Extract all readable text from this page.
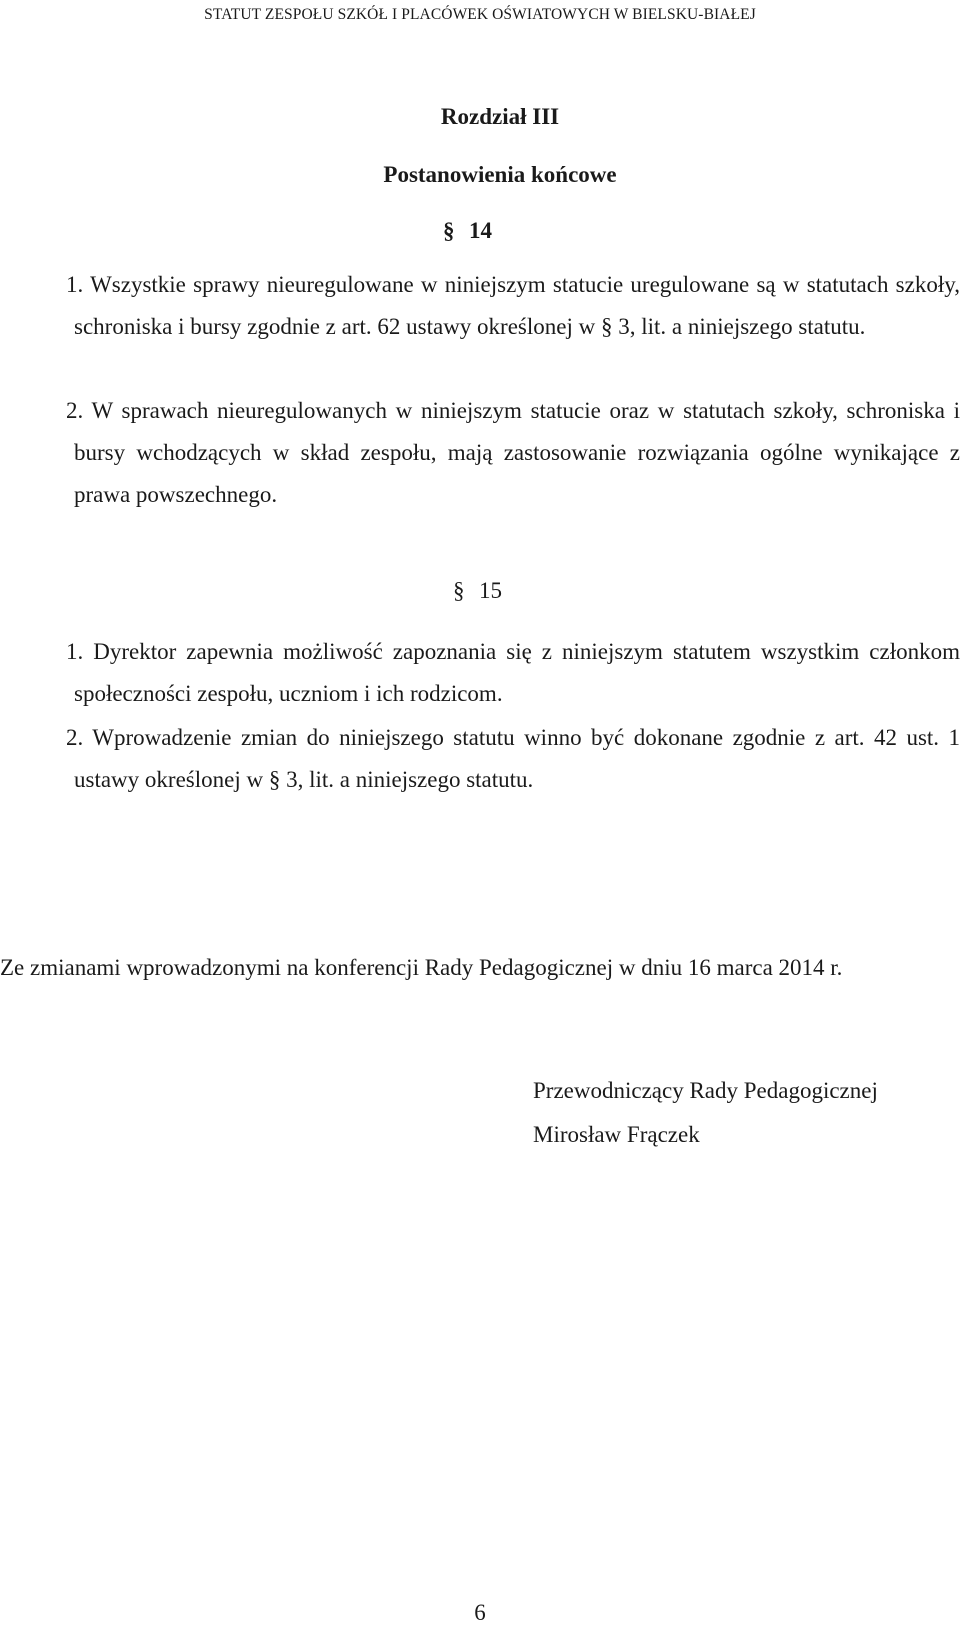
STATUT ZESPOŁU SZKÓŁ I PLACÓWEK OŚWIATOWYCH W BIELSKU-BIAŁEJ
Rozdział III
Postanowienia końcowe
§ 14
1. Wszystkie sprawy nieuregulowane w niniejszym statucie uregulowane są w statutach szkoły, schroniska i bursy zgodnie z art. 62 ustawy określonej w § 3, lit. a niniejszego statutu.
2. W sprawach nieuregulowanych w niniejszym statucie oraz w statutach szkoły, schroniska i bursy wchodzących w skład zespołu, mają zastosowanie rozwiązania ogólne wynikające z prawa powszechnego.
§ 15
1. Dyrektor zapewnia możliwość zapoznania się z niniejszym statutem wszystkim członkom społeczności zespołu, uczniom i ich rodzicom.
2. Wprowadzenie zmian do niniejszego statutu winno być dokonane zgodnie z art. 42 ust. 1 ustawy określonej w § 3, lit. a niniejszego statutu.
Ze zmianami wprowadzonymi na konferencji Rady Pedagogicznej w dniu 16 marca 2014 r.
Przewodniczący Rady Pedagogicznej
Mirosław Frączek
6
